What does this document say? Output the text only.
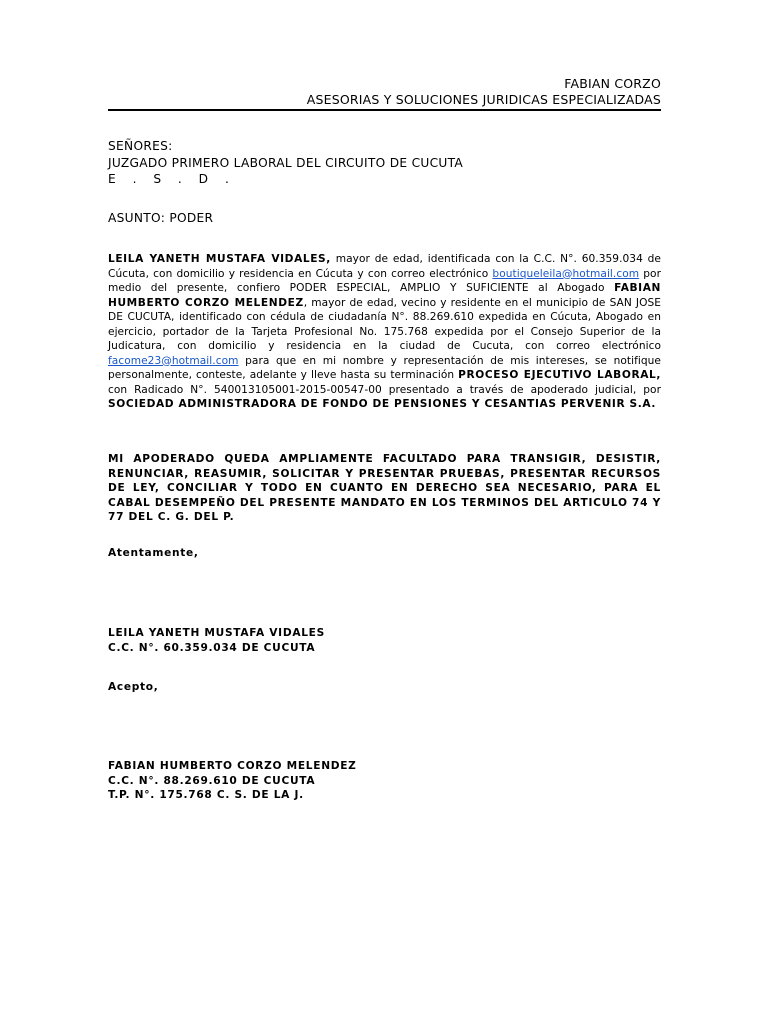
FABIAN CORZO
ASESORIAS Y SOLUCIONES JURIDICAS ESPECIALIZADAS
SEÑORES:
JUZGADO PRIMERO LABORAL DEL CIRCUITO DE CUCUTA
E . S . D .
ASUNTO: PODER
LEILA YANETH MUSTAFA VIDALES, mayor de edad, identificada con la C.C. N°. 60.359.034 de Cúcuta, con domicilio y residencia en Cúcuta y con correo electrónico boutiqueleila@hotmail.com por medio del presente, confiero PODER ESPECIAL, AMPLIO Y SUFICIENTE al Abogado FABIAN HUMBERTO CORZO MELENDEZ, mayor de edad, vecino y residente en el municipio de SAN JOSE DE CUCUTA, identificado con cédula de ciudadanía N°. 88.269.610 expedida en Cúcuta, Abogado en ejercicio, portador de la Tarjeta Profesional No. 175.768 expedida por el Consejo Superior de la Judicatura, con domicilio y residencia en la ciudad de Cucuta, con correo electrónico facome23@hotmail.com para que en mi nombre y representación de mis intereses, se notifique personalmente, conteste, adelante y lleve hasta su terminación PROCESO EJECUTIVO LABORAL, con Radicado N°. 540013105001-2015-00547-00 presentado a través de apoderado judicial, por SOCIEDAD ADMINISTRADORA DE FONDO DE PENSIONES Y CESANTIAS PERVENIR S.A.
MI APODERADO QUEDA AMPLIAMENTE FACULTADO PARA TRANSIGIR, DESISTIR, RENUNCIAR, REASUMIR, SOLICITAR Y PRESENTAR PRUEBAS, PRESENTAR RECURSOS DE LEY, CONCILIAR Y TODO EN CUANTO EN DERECHO SEA NECESARIO, PARA EL CABAL DESEMPEÑO DEL PRESENTE MANDATO EN LOS TERMINOS DEL ARTICULO 74 Y 77 DEL C. G. DEL P.
Atentamente,
LEILA YANETH MUSTAFA VIDALES
C.C. N°. 60.359.034 DE CUCUTA
Acepto,
FABIAN HUMBERTO CORZO MELENDEZ
C.C. N°. 88.269.610 DE CUCUTA
T.P. N°. 175.768 C. S. DE LA J.
